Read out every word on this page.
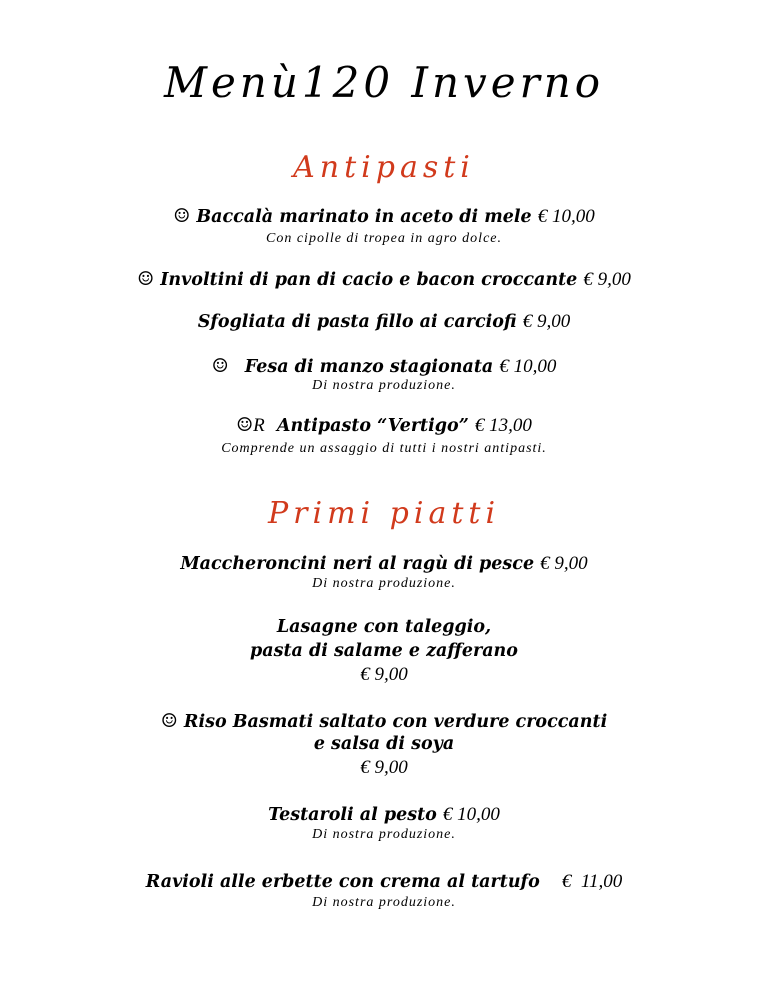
Menù120 Inverno
Antipasti
☺ Baccalà marinato in aceto di mele € 10,00
Con cipolle di tropea in agro dolce.
☺ Involtini di pan di cacio e bacon croccante € 9,00
Sfogliata di pasta fillo ai carciofi € 9,00
☺ Fesa di manzo stagionata € 10,00
Di nostra produzione.
☺R Antipasto “Vertigo” € 13,00
Comprende un assaggio di tutti i nostri antipasti.
Primi piatti
Maccheroncini neri al ragù di pesce € 9,00
Di nostra produzione.
Lasagne con taleggio,
pasta di salame e zafferano
€ 9,00
☺ Riso Basmati saltato con verdure croccanti
e salsa di soya
€ 9,00
Testaroli al pesto € 10,00
Di nostra produzione.
Ravioli alle erbette con crema al tartufo €  11,00
Di nostra produzione.
